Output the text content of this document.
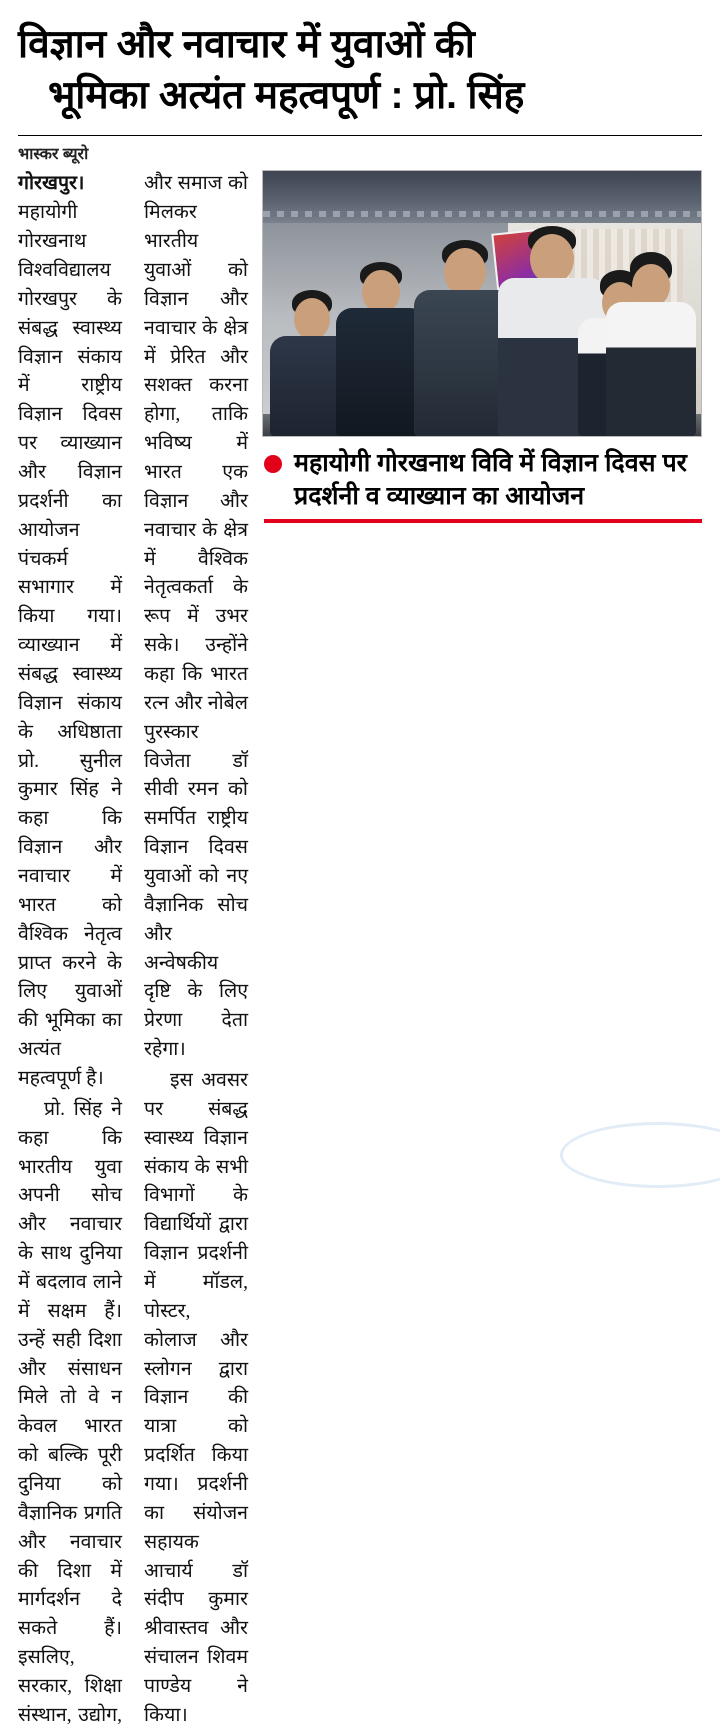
विज्ञान और नवाचार में युवाओं की
भूमिका अत्यंत महत्वपूर्ण : प्रो. सिंह
भास्कर ब्यूरो
महायोगी गोरखनाथ विवि में विज्ञान दिवस पर प्रदर्शनी व व्याख्यान का आयोजन

गोरखपुर। महायोगी गोरखनाथ विश्वविद्यालय गोरखपुर के संबद्ध स्वास्थ्य विज्ञान संकाय में राष्ट्रीय विज्ञान दिवस पर व्याख्यान और विज्ञान प्रदर्शनी का आयोजन पंचकर्म सभागार में किया गया। व्याख्यान में संबद्ध स्वास्थ्य विज्ञान संकाय के अधिष्ठाता प्रो. सुनील कुमार सिंह ने कहा कि विज्ञान और नवाचार में भारत को वैश्विक नेतृत्व प्राप्त करने के लिए युवाओं की भूमिका का अत्यंत महत्वपूर्ण है।

प्रो. सिंह ने कहा कि भारतीय युवा अपनी सोच और नवाचार के साथ दुनिया में बदलाव लाने में सक्षम हैं। उन्हें सही दिशा और संसाधन मिले तो वे न केवल भारत को बल्कि पूरी दुनिया को वैज्ञानिक प्रगति और नवाचार की दिशा में मार्गदर्शन दे सकते हैं। इसलिए, सरकार, शिक्षा संस्थान, उद्योग, और समाज को मिलकर भारतीय युवाओं को विज्ञान और नवाचार के क्षेत्र में प्रेरित और सशक्त करना होगा, ताकि भविष्य में भारत एक विज्ञान और नवाचार के क्षेत्र में वैश्विक नेतृत्वकर्ता के रूप में उभर सके। उन्होंने कहा कि भारत रत्न और नोबेल पुरस्कार विजेता डॉ सीवी रमन को समर्पित राष्ट्रीय विज्ञान दिवस युवाओं को नए वैज्ञानिक सोच और अन्वेषकीय दृष्टि के लिए प्रेरणा देता रहेगा।

इस अवसर पर संबद्ध स्वास्थ्य विज्ञान संकाय के सभी विभागों के विद्यार्थियों द्वारा विज्ञान प्रदर्शनी में मॉडल, पोस्टर, कोलाज और स्लोगन द्वारा विज्ञान की यात्रा को प्रदर्शित किया गया। प्रदर्शनी का संयोजन सहायक आचार्य डॉ संदीप कुमार श्रीवास्तव और संचालन शिवम पाण्डेय ने किया।
